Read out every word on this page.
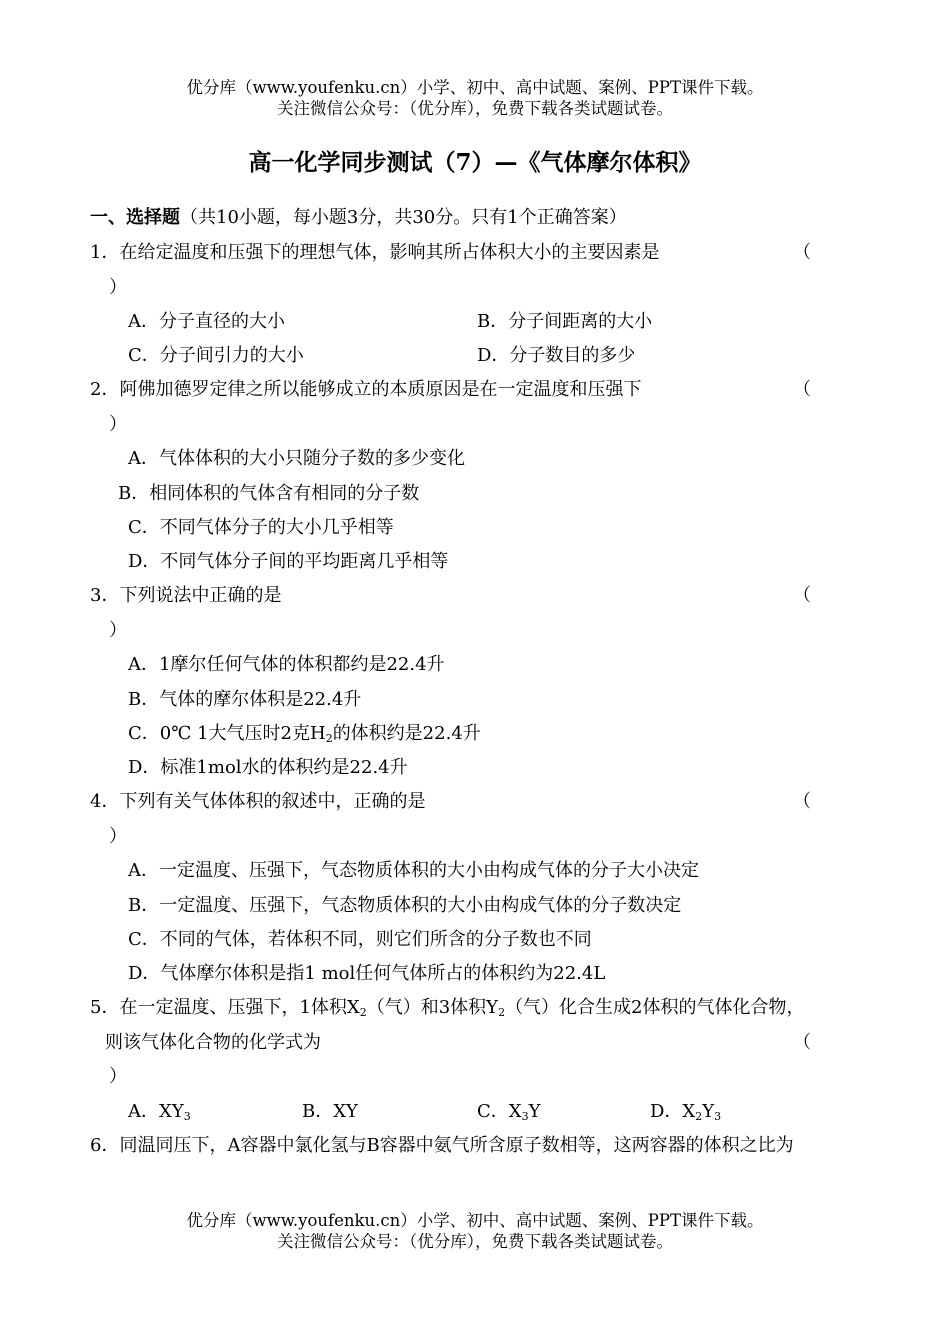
优分库（www.youfenku.cn）小学、初中、高中试题、案例、PPT课件下载。
关注微信公众号：（优分库），免费下载各类试题试卷。
高一化学同步测试（7）—《气体摩尔体积》
一、选择题（共10小题，每小题3分，共30分。只有1个正确答案）
1．在给定温度和压强下的理想气体，影响其所占体积大小的主要因素是	（
）
A．分子直径的大小	B．分子间距离的大小
C．分子间引力的大小	D．分子数目的多少
2．阿佛加德罗定律之所以能够成立的本质原因是在一定温度和压强下	（
）
A．气体体积的大小只随分子数的多少变化
B．相同体积的气体含有相同的分子数
C．不同气体分子的大小几乎相等
D．不同气体分子间的平均距离几乎相等
3．下列说法中正确的是	（
）
A．1摩尔任何气体的体积都约是22.4升
B．气体的摩尔体积是22.4升
C．0℃ 1大气压时2克$H_2$的体积约是22.4升
D．标准1mol水的体积约是22.4升
4．下列有关气体体积的叙述中，正确的是	（
）
A．一定温度、压强下，气态物质体积的大小由构成气体的分子大小决定
B．一定温度、压强下，气态物质体积的大小由构成气体的分子数决定
C．不同的气体，若体积不同，则它们所含的分子数也不同
D．气体摩尔体积是指1 mol任何气体所占的体积约为22.4L
5．在一定温度、压强下，1体积$X_2$（气）和3体积$Y_2$（气）化合生成2体积的气体化合物，
则该气体化合物的化学式为	（
）
A．$XY_3$	B．XY	C．$X_3Y$	D．$X_2Y_3$
6．同温同压下，A容器中氯化氢与B容器中氨气所含原子数相等，这两容器的体积之比为
优分库（www.youfenku.cn）小学、初中、高中试题、案例、PPT课件下载。
关注微信公众号：（优分库），免费下载各类试题试卷。
